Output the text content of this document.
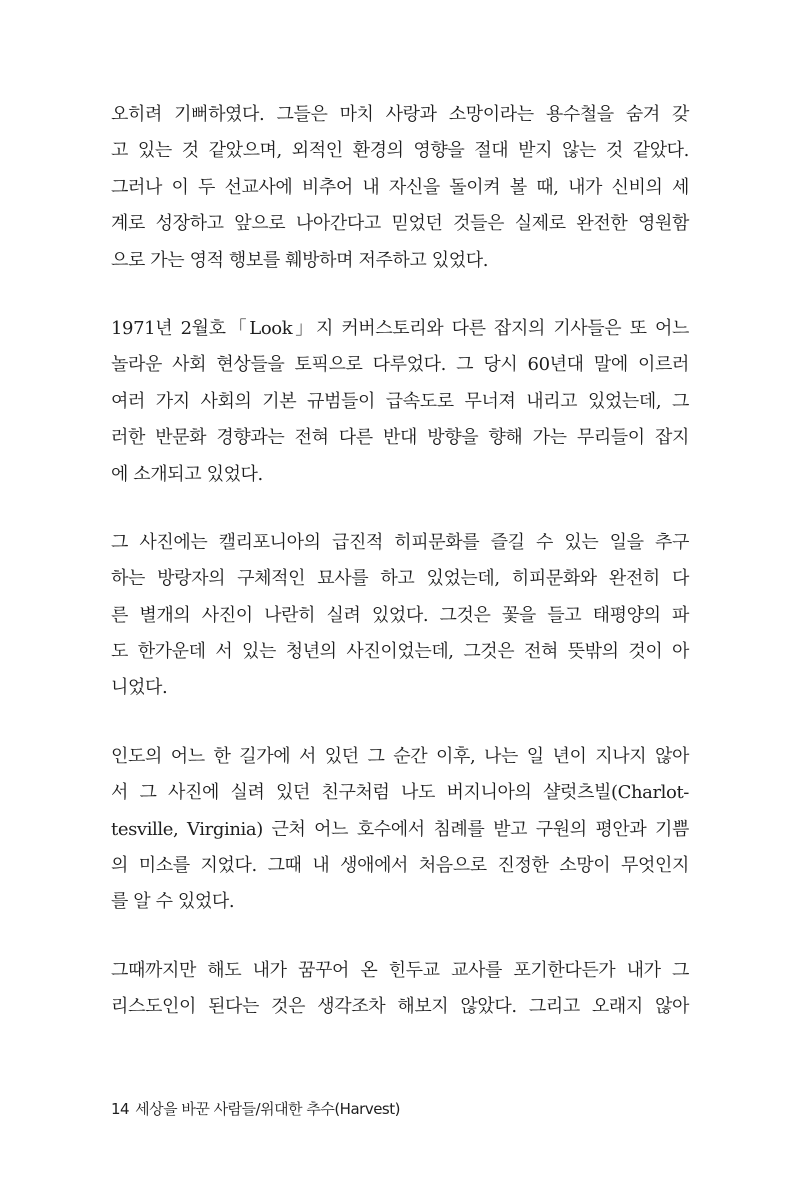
오히려 기뻐하였다. 그들은 마치 사랑과 소망이라는 용수철을 숨겨 갖
고 있는 것 같았으며, 외적인 환경의 영향을 절대 받지 않는 것 같았다.
그러나 이 두 선교사에 비추어 내 자신을 돌이켜 볼 때, 내가 신비의 세
계로 성장하고 앞으로 나아간다고 믿었던 것들은 실제로 완전한 영원함
으로 가는 영적 행보를 훼방하며 저주하고 있었다.
1971년 2월호「Look」지 커버스토리와 다른 잡지의 기사들은 또 어느
놀라운 사회 현상들을 토픽으로 다루었다. 그 당시 60년대 말에 이르러
여러 가지 사회의 기본 규범들이 급속도로 무너져 내리고 있었는데, 그
러한 반문화 경향과는 전혀 다른 반대 방향을 향해 가는 무리들이 잡지
에 소개되고 있었다.
그 사진에는 캘리포니아의 급진적 히피문화를 즐길 수 있는 일을 추구
하는 방랑자의 구체적인 묘사를 하고 있었는데, 히피문화와 완전히 다
른 별개의 사진이 나란히 실려 있었다. 그것은 꽃을 들고 태평양의 파
도 한가운데 서 있는 청년의 사진이었는데, 그것은 전혀 뜻밖의 것이 아
니었다.
인도의 어느 한 길가에 서 있던 그 순간 이후, 나는 일 년이 지나지 않아
서 그 사진에 실려 있던 친구처럼 나도 버지니아의 샬럿츠빌(Charlot-
tesville, Virginia) 근처 어느 호수에서 침례를 받고 구원의 평안과 기쁨
의 미소를 지었다. 그때 내 생애에서 처음으로 진정한 소망이 무엇인지
를 알 수 있었다.
그때까지만 해도 내가 꿈꾸어 온 힌두교 교사를 포기한다든가 내가 그
리스도인이 된다는 것은 생각조차 해보지 않았다. 그리고 오래지 않아
14 세상을 바꾼 사람들/위대한 추수(Harvest)
